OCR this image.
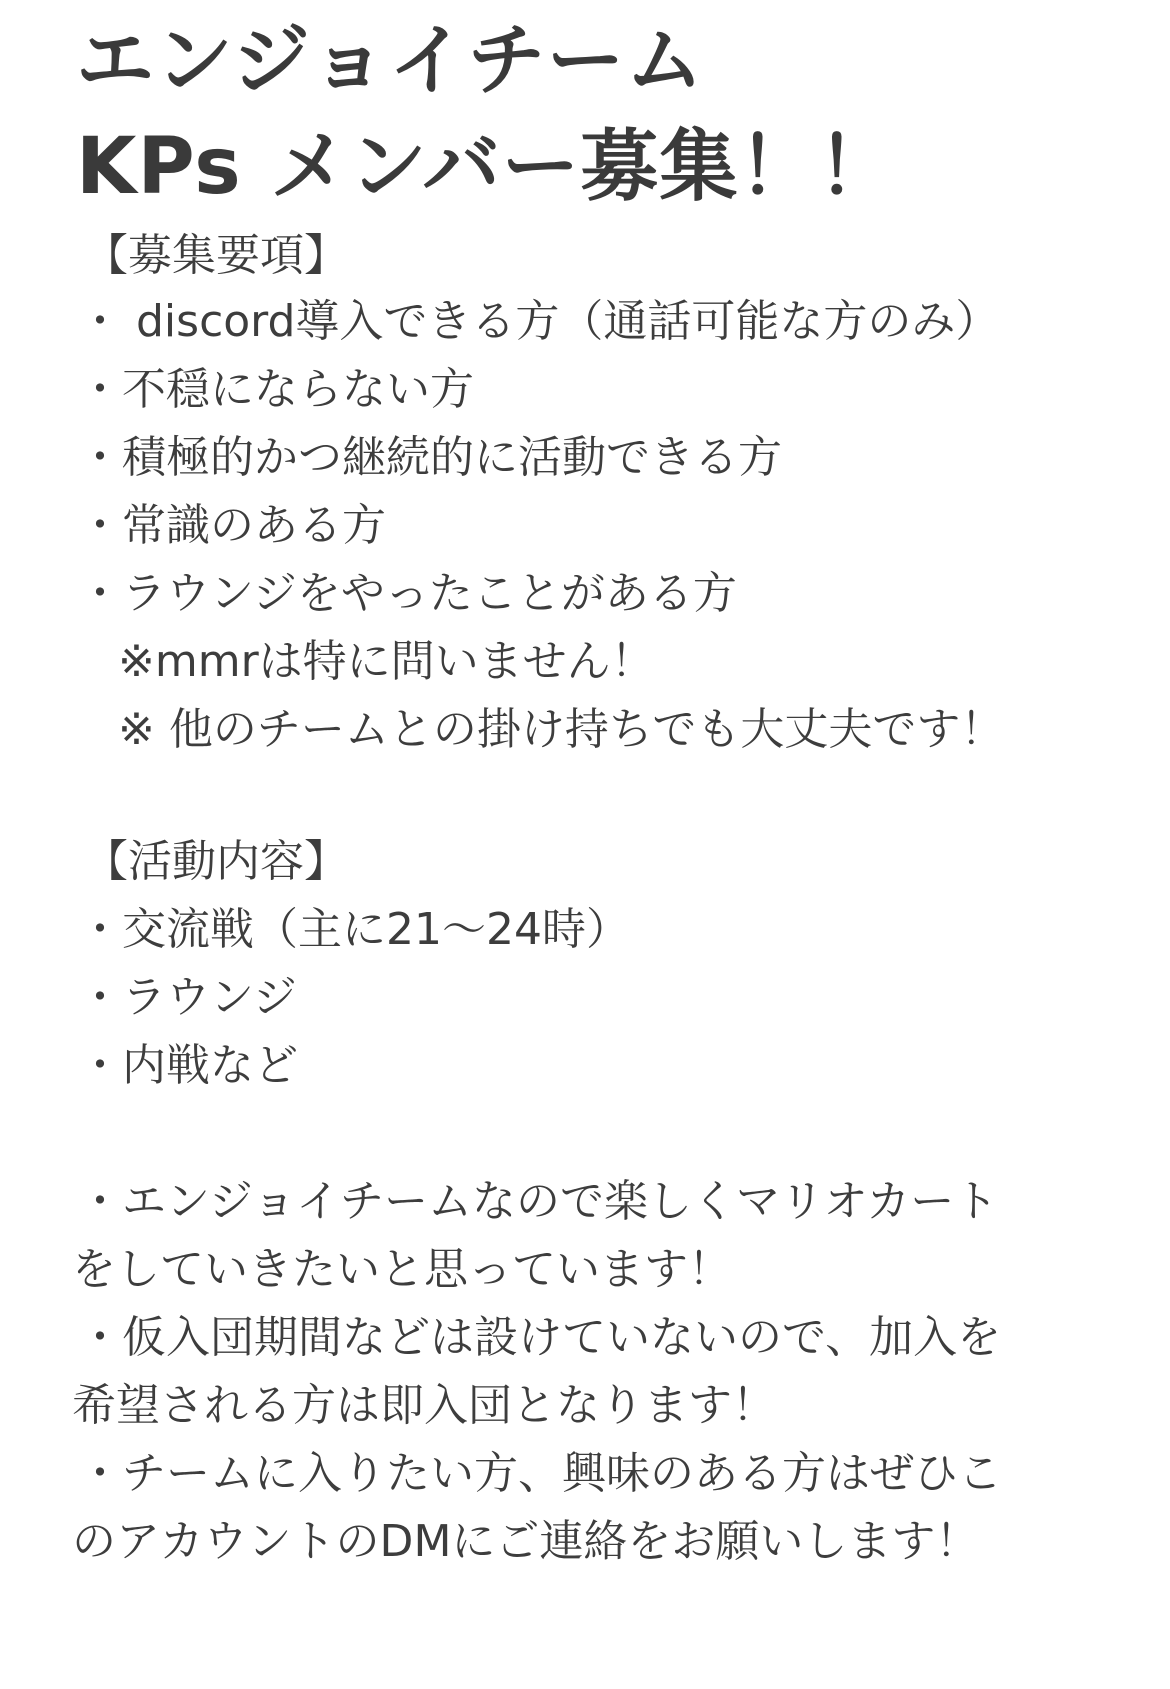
エンジョイチーム
KPs メンバー募集！！

【募集要項】

・ discord導入できる方（通話可能な方のみ）

・不穏にならない方

・積極的かつ継続的に活動できる方

・常識のある方

・ラウンジをやったことがある方

※mmrは特に問いません！

※ 他のチームとの掛け持ちでも大丈夫です！

【活動内容】

・交流戦（主に21～24時）

・ラウンジ

・内戦など

・エンジョイチームなので楽しくマリオカート

をしていきたいと思っています！

・仮入団期間などは設けていないので、加入を

希望される方は即入団となります！

・チームに入りたい方、興味のある方はぜひこ

のアカウントのDMにご連絡をお願いします！
